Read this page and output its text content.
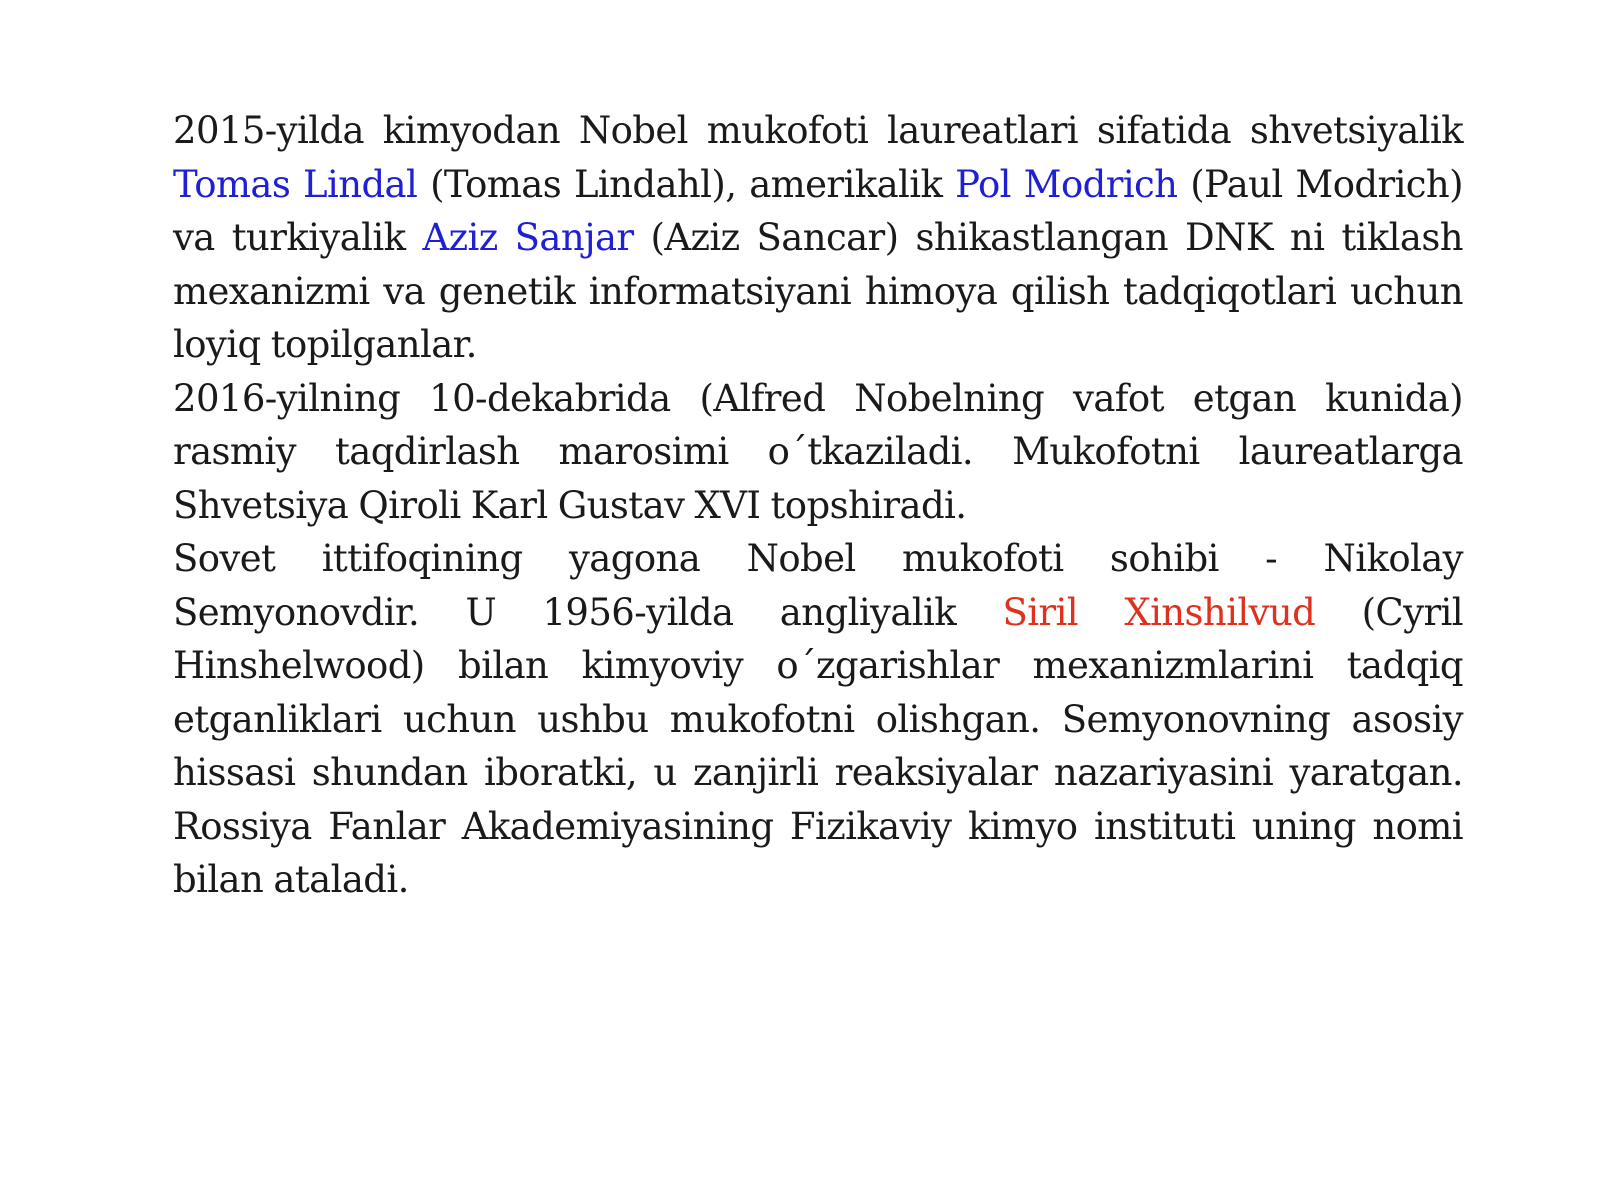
2015-yilda kimyodan Nobel mukofoti laureatlari sifatida shvetsiyalik Tomas Lindal (Tomas Lindahl), amerikalik Pol Modrich (Paul Modrich) va turkiyalik Aziz Sanjar (Aziz Sancar) shikastlangan DNK ni tiklash mexanizmi va genetik informatsiyani himoya qilish tadqiqotlari uchun loyiq topilganlar.

2016-yilning 10-dekabrida (Alfred Nobelning vafot etgan kunida) rasmiy taqdirlash marosimi o´tkaziladi. Mukofotni laureatlarga Shvetsiya Qiroli Karl Gustav XVI topshiradi.

Sovet ittifoqining yagona Nobel mukofoti sohibi - Nikolay Semyonovdir. U 1956-yilda angliyalik Siril Xinshilvud (Cyril Hinshelwood) bilan kimyoviy o´zgarishlar mexanizmlarini tadqiq etganliklari uchun ushbu mukofotni olishgan. Semyonovning asosiy hissasi shundan iboratki, u zanjirli reaksiyalar nazariyasini yaratgan. Rossiya Fanlar Akademiyasining Fizikaviy kimyo instituti uning nomi bilan ataladi.
